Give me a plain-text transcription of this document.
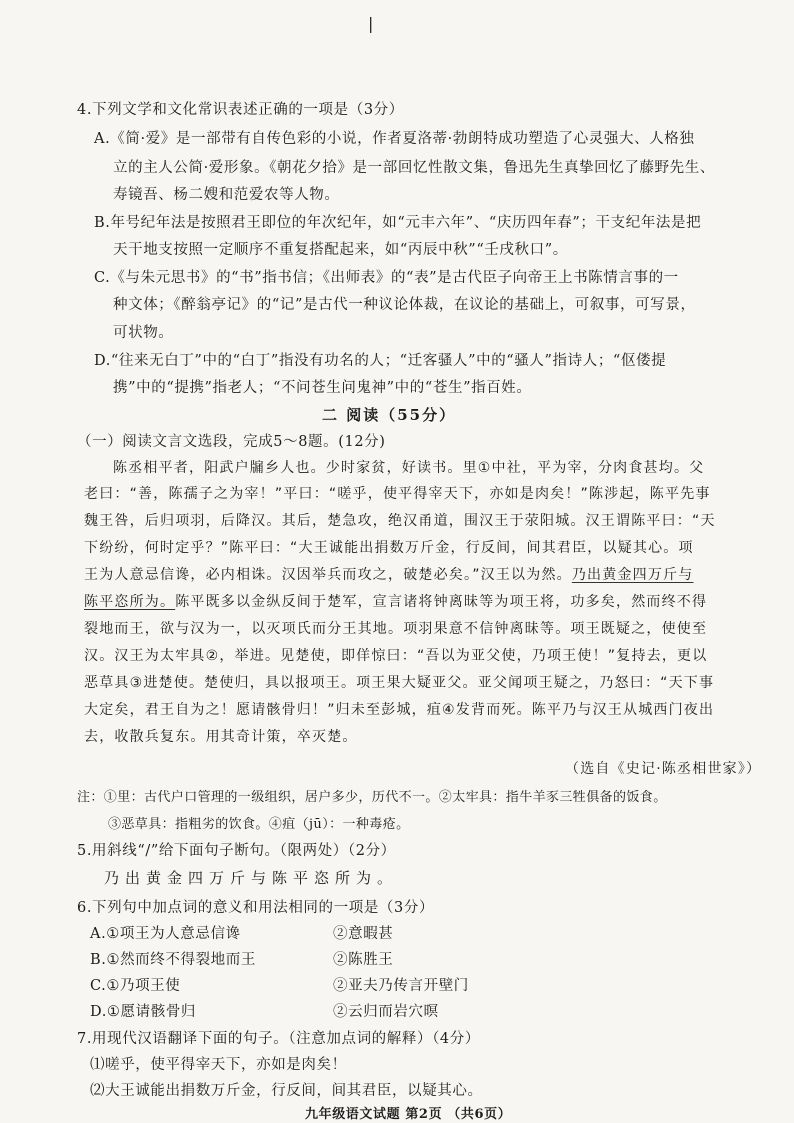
|
4.下列文学和文化常识表述正确的一项是（3分）
A.《简·爱》是一部带有自传色彩的小说，作者夏洛蒂·勃朗特成功塑造了心灵强大、人格独
立的主人公简·爱形象。《朝花夕拾》是一部回忆性散文集，鲁迅先生真挚回忆了藤野先生、
寿镜吾、杨二嫂和范爱农等人物。
B.年号纪年法是按照君王即位的年次纪年，如“元丰六年”、“庆历四年春”；干支纪年法是把
天干地支按照一定顺序不重复搭配起来，如“丙辰中秋”“壬戌秋口”。
C.《与朱元思书》的“书”指书信；《出师表》的“表”是古代臣子向帝王上书陈情言事的一
种文体；《醉翁亭记》的“记”是古代一种议论体裁，在议论的基础上，可叙事，可写景，
可状物。
D.“往来无白丁”中的“白丁”指没有功名的人；“迁客骚人”中的“骚人”指诗人；“伛偻提
携”中的“提携”指老人；“不问苍生问鬼神”中的“苍生”指百姓。
二 阅读（55分）
（一）阅读文言文选段，完成5～8题。(12分)
陈丞相平者，阳武户牖乡人也。少时家贫，好读书。里①中社，平为宰，分肉食甚均。父
老曰：“善，陈孺子之为宰！”平曰：“嗟乎，使平得宰天下，亦如是肉矣！”陈涉起，陈平先事
魏王咎，后归项羽，后降汉。其后，楚急攻，绝汉甬道，围汉王于荥阳城。汉王谓陈平曰：“天
下纷纷，何时定乎？”陈平曰：“大王诚能出捐数万斤金，行反间，间其君臣，以疑其心。项
王为人意忌信谗，必内相诛。汉因举兵而攻之，破楚必矣。”汉王以为然。乃出黄金四万斤与
陈平恣所为。陈平既多以金纵反间于楚军，宣言诸将钟离昧等为项王将，功多矣，然而终不得
裂地而王，欲与汉为一，以灭项氏而分王其地。项羽果意不信钟离昧等。项王既疑之，使使至
汉。汉王为太牢具②，举进。见楚使，即佯惊曰：“吾以为亚父使，乃项王使！”复持去，更以
恶草具③进楚使。楚使归，具以报项王。项王果大疑亚父。亚父闻项王疑之，乃怒曰：“天下事
大定矣，君王自为之！愿请骸骨归！”归未至彭城，疽④发背而死。陈平乃与汉王从城西门夜出
去，收散兵复东。用其奇计策，卒灭楚。
（选自《史记·陈丞相世家》）
注：①里：古代户口管理的一级组织，居户多少，历代不一。②太牢具：指牛羊豕三牲俱备的饭食。
③恶草具：指粗劣的饮食。④疽（jū）：一种毒疮。
5.用斜线“/”给下面句子断句。（限两处）（2分）
乃出黄金四万斤与陈平恣所为。
6.下列句中加点词的意义和用法相同的一项是（3分）
A.①项王为人意忌信谗	②意暇甚
B.①然而终不得裂地而王	②陈胜王
C.①乃项王使	②亚夫乃传言开壁门
D.①愿请骸骨归	②云归而岩穴暝
7.用现代汉语翻译下面的句子。（注意加点词的解释）（4分）
⑴嗟乎，使平得宰天下，亦如是肉矣！
⑵大王诚能出捐数万斤金，行反间，间其君臣，以疑其心。
九年级语文试题 第2页 （共6页）
